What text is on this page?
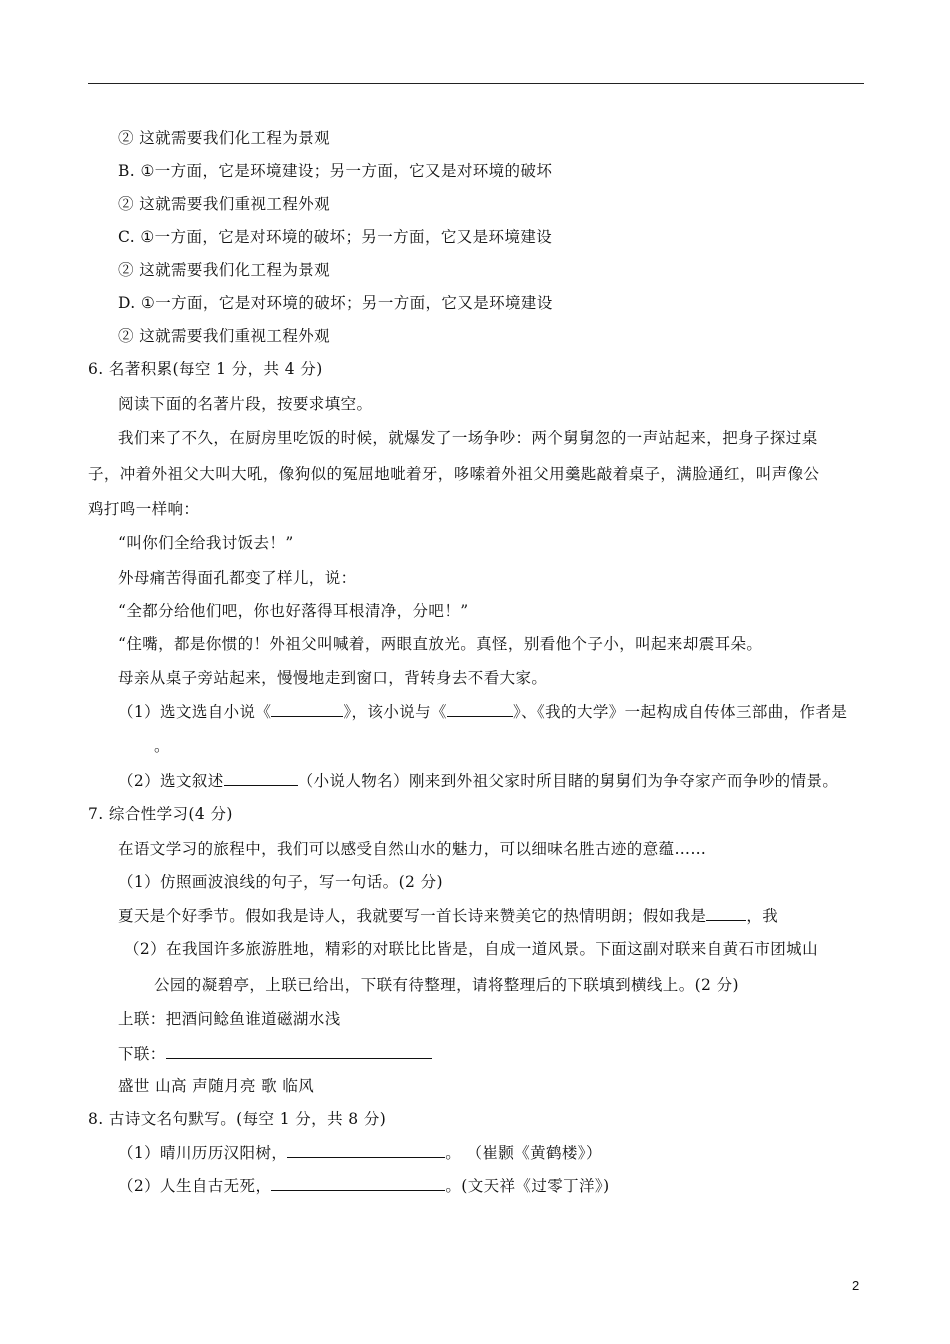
② 这就需要我们化工程为景观
B. ①一方面，它是环境建设；另一方面，它又是对环境的破坏
② 这就需要我们重视工程外观
C. ①一方面，它是对环境的破坏；另一方面，它又是环境建设
② 这就需要我们化工程为景观
D. ①一方面，它是对环境的破坏；另一方面，它又是环境建设
② 这就需要我们重视工程外观
6. 名著积累(每空 1 分，共 4 分)
阅读下面的名著片段，按要求填空。
我们来了不久，在厨房里吃饭的时候，就爆发了一场争吵：两个舅舅忽的一声站起来，把身子探过桌
子，冲着外祖父大叫大吼，像狗似的冤屈地呲着牙，哆嗦着外祖父用羹匙敲着桌子，满脸通红，叫声像公
鸡打鸣一样响：
“叫你们全给我讨饭去！”
外母痛苦得面孔都变了样儿，说：
“全都分给他们吧，你也好落得耳根清净，分吧！”
“住嘴，都是你惯的！外祖父叫喊着，两眼直放光。真怪，别看他个子小，叫起来却震耳朵。
母亲从桌子旁站起来，慢慢地走到窗口，背转身去不看大家。
（1）选文选自小说《	》，该小说与《	》、《我的大学》一起构成自传体三部曲，作者是
。
（2）选文叙述	（小说人物名）刚来到外祖父家时所目睹的舅舅们为争夺家产而争吵的情景。
7. 综合性学习(4 分)
在语文学习的旅程中，我们可以感受自然山水的魅力，可以细味名胜古迹的意蕴……
（1）仿照画波浪线的句子，写一句话。(2 分)
夏天是个好季节。假如我是诗人，我就要写一首长诗来赞美它的热情明朗；假如我是	，我
（2）在我国许多旅游胜地，精彩的对联比比皆是，自成一道风景。下面这副对联来自黄石市团城山
公园的凝碧亭，上联已给出，下联有待整理，请将整理后的下联填到横线上。(2 分)
上联：把酒问鲶鱼谁道磁湖水浅
下联：
盛世 山高 声随月亮 歌 临风
8. 古诗文名句默写。(每空 1 分，共 8 分)
（1）晴川历历汉阳树，	。 （崔颢《黄鹤楼》）
（2）人生自古无死，	。(文天祥《过零丁洋》)
2
